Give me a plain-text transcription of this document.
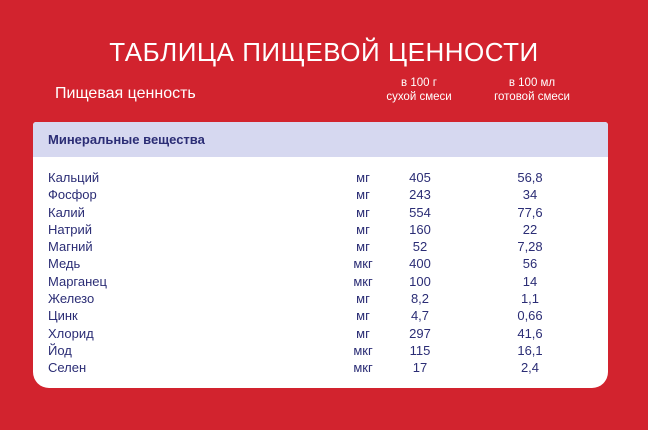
ТАБЛИЦА ПИЩЕВОЙ ЦЕННОСТИ
Пищевая ценность
в 100 г
сухой смеси
в 100 мл
готовой смеси
Минеральные вещества
Кальций	мг	405	56,8
Фосфор	мг	243	34
Калий	мг	554	77,6
Натрий	мг	160	22
Магний	мг	52	7,28
Медь	мкг	400	56
Марганец	мкг	100	14
Железо	мг	8,2	1,1
Цинк	мг	4,7	0,66
Хлорид	мг	297	41,6
Йод	мкг	115	16,1
Селен	мкг	17	2,4
